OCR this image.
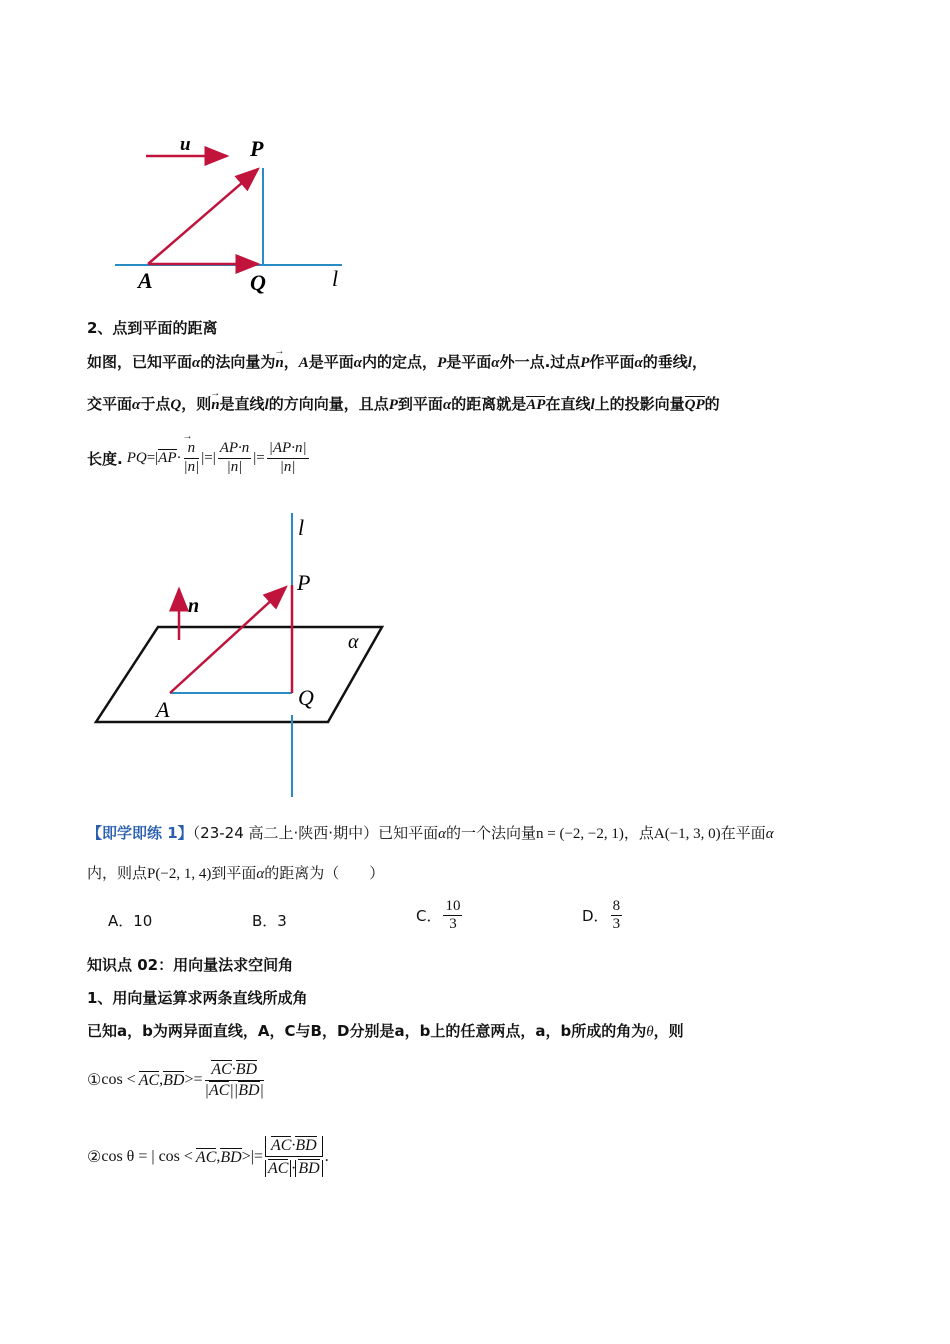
u	P
A	Q	l
2、点到平面的距离
如图，已知平面α的法向量为→ n，A是平面α内的定点，P是平面α外一点.过点P作平面α的垂线l，
交平面α于点Q，则→ n是直线l的方向向量，且点P到平面α的距离就是AP在直线l上的投影向量QP的
长度. PQ =| AP ·
→ $\frac{n}{|n|}$ |=| $\frac{AP\cdot n}{|n|}$ |= $\frac{|AP\cdot n|}{|n|}$
l
P
n
α
A	Q
【即学即练 1】（23-24 高二上·陕西·期中）已知平面α的一个法向量n = (−2, −2, 1)，点A(−1, 3, 0)在平面α
内，则点P(−2, 1, 4)到平面α的距离为（　　）
A．10	B．3	C． $\frac{10}{3}$	D． $\frac{8}{3}$
知识点 02：用向量法求空间角
1、用向量运算求两条直线所成角
已知a，b为两异面直线，A，C与B，D分别是a，b上的任意两点，a，b所成的角为θ，则
① cos < AC , BD >= $\frac{AC\cdot BD}{|AC||BD|}$
② cos θ = | cos < AC , BD >|= $\frac{AC\cdot BD}{AC \cdot BD}$ .
